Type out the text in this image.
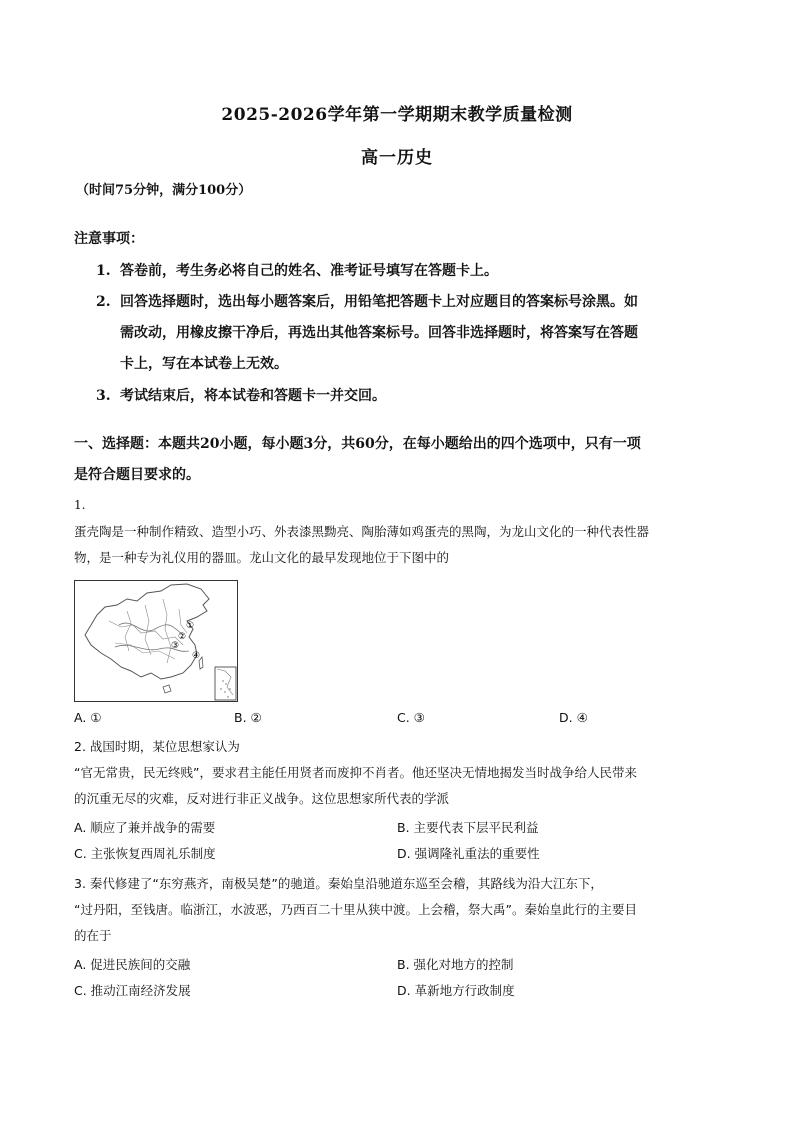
2025-2026学年第一学期期末教学质量检测
高一历史
（时间75分钟，满分100分）
注意事项：
1. 答卷前，考生务必将自己的姓名、准考证号填写在答题卡上。
2. 回答选择题时，选出每小题答案后，用铅笔把答题卡上对应题目的答案标号涂黑。如
需改动，用橡皮擦干净后，再选出其他答案标号。回答非选择题时，将答案写在答题
卡上，写在本试卷上无效。
3. 考试结束后，将本试卷和答题卡一并交回。
一、选择题：本题共20小题，每小题3分，共60分，在每小题给出的四个选项中，只有一项
是符合题目要求的。
1.
蛋壳陶是一种制作精致、造型小巧、外表漆黑黝亮、陶胎薄如鸡蛋壳的黑陶，为龙山文化的一种代表性器
物，是一种专为礼仪用的器皿。龙山文化的最早发现地位于下图中的
①
②
③
④
A. ①	B. ②	C. ③	D. ④
2. 战国时期，某位思想家认为
“官无常贵，民无终贱”，要求君主能任用贤者而废抑不肖者。他还坚决无情地揭发当时战争给人民带来
的沉重无尽的灾难，反对进行非正义战争。这位思想家所代表的学派
A. 顺应了兼并战争的需要	B. 主要代表下层平民利益
C. 主张恢复西周礼乐制度	D. 强调隆礼重法的重要性
3. 秦代修建了“东穷燕齐，南极吴楚”的驰道。秦始皇沿驰道东巡至会稽，其路线为沿大江东下，
“过丹阳，至钱唐。临浙江，水波恶，乃西百二十里从狭中渡。上会稽，祭大禹”。秦始皇此行的主要目
的在于
A. 促进民族间的交融	B. 强化对地方的控制
C. 推动江南经济发展	D. 革新地方行政制度
